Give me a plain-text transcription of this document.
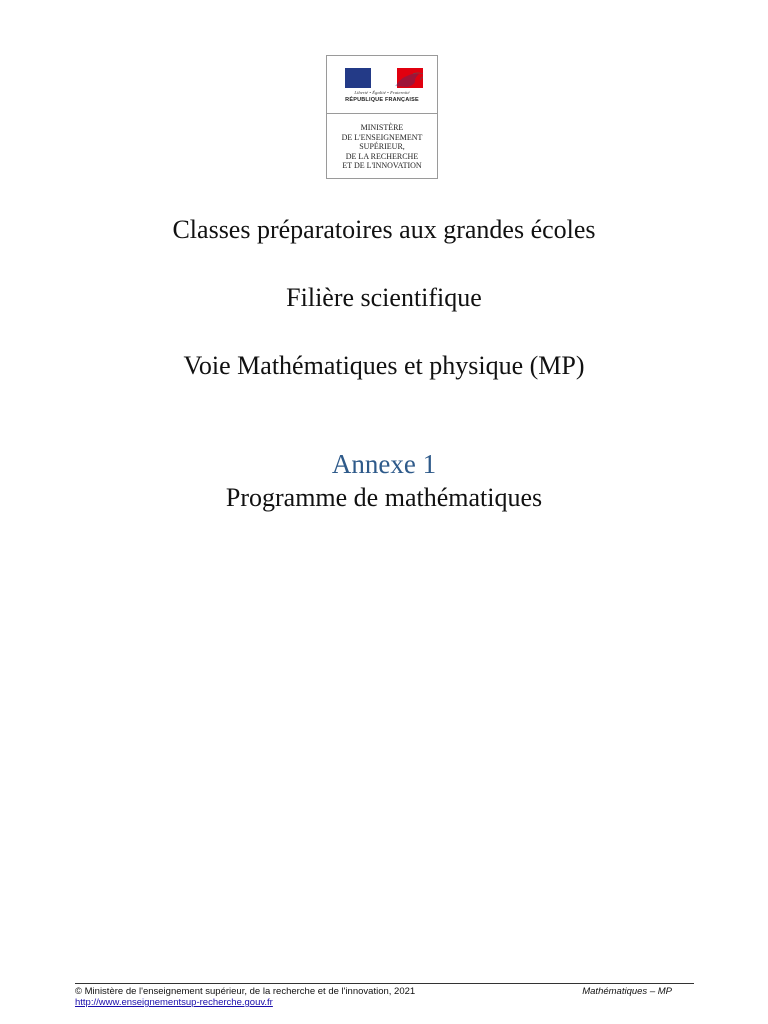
Liberté • Égalité • Fraternité
RÉPUBLIQUE FRANÇAISE
MINISTÈRE
DE L'ENSEIGNEMENT
SUPÉRIEUR,
DE LA RECHERCHE
ET DE L'INNOVATION
Classes préparatoires aux grandes écoles
Filière scientifique
Voie Mathématiques et physique (MP)
Annexe 1
Programme de mathématiques
© Ministère de l'enseignement supérieur, de la recherche et de l'innovation, 2021
http://www.enseignementsup-recherche.gouv.fr
Mathématiques – MP
